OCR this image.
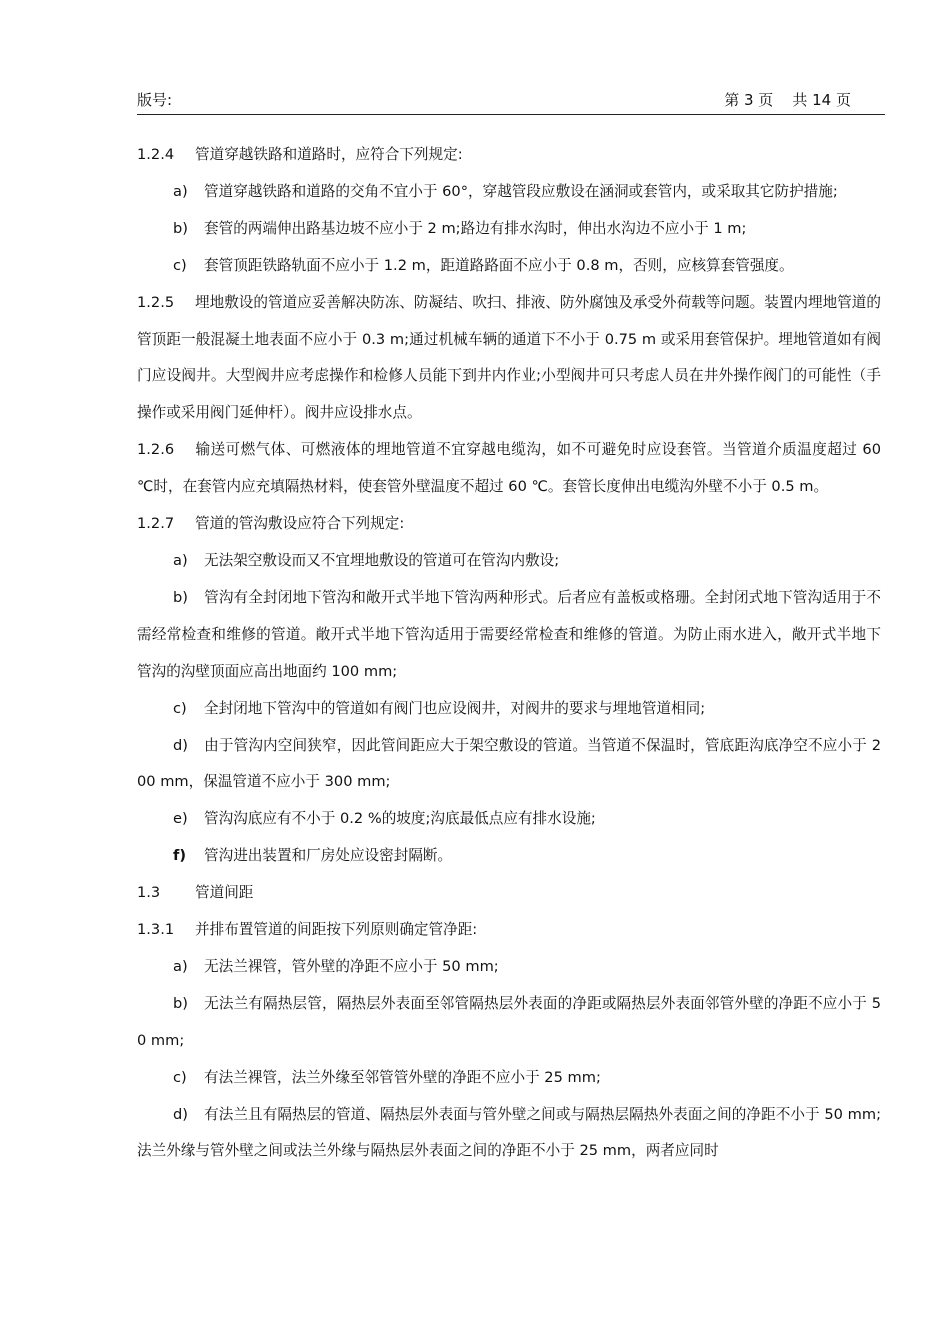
版号:	第 3 页    共 14 页

1.2.4 管道穿越铁路和道路时，应符合下列规定:

a) 管道穿越铁路和道路的交角不宜小于 60°，穿越管段应敷设在涵洞或套管内，或采取其它防护措施;

b) 套管的两端伸出路基边坡不应小于 2 m;路边有排水沟时，伸出水沟边不应小于 1 m;

c) 套管顶距铁路轨面不应小于 1.2 m，距道路路面不应小于 0.8 m，否则，应核算套管强度。

1.2.5 埋地敷设的管道应妥善解决防冻、防凝结、吹扫、排液、防外腐蚀及承受外荷载等问题。装置内埋地管道的管顶距一般混凝土地表面不应小于 0.3 m;通过机械车辆的通道下不小于 0.75 m 或采用套管保护。埋地管道如有阀门应设阀井。大型阀井应考虑操作和检修人员能下到井内作业;小型阀井可只考虑人员在井外操作阀门的可能性（手操作或采用阀门延伸杆）。阀井应设排水点。

1.2.6 输送可燃气体、可燃液体的埋地管道不宜穿越电缆沟，如不可避免时应设套管。当管道介质温度超过 60 ℃时，在套管内应充填隔热材料，使套管外壁温度不超过 60 ℃。套管长度伸出电缆沟外壁不小于 0.5 m。

1.2.7 管道的管沟敷设应符合下列规定:

a) 无法架空敷设而又不宜埋地敷设的管道可在管沟内敷设;

b) 管沟有全封闭地下管沟和敞开式半地下管沟两种形式。后者应有盖板或格珊。全封闭式地下管沟适用于不需经常检查和维修的管道。敞开式半地下管沟适用于需要经常检查和维修的管道。为防止雨水进入，敞开式半地下管沟的沟壁顶面应高出地面约 100 mm;

c) 全封闭地下管沟中的管道如有阀门也应设阀井，对阀井的要求与埋地管道相同;

d) 由于管沟内空间狭窄，因此管间距应大于架空敷设的管道。当管道不保温时，管底距沟底净空不应小于 200 mm，保温管道不应小于 300 mm;

e) 管沟沟底应有不小于 0.2 %的坡度;沟底最低点应有排水设施;

f) 管沟进出装置和厂房处应设密封隔断。

1.3 管道间距

1.3.1 并排布置管道的间距按下列原则确定管净距:

a) 无法兰裸管，管外壁的净距不应小于 50 mm;

b) 无法兰有隔热层管，隔热层外表面至邻管隔热层外表面的净距或隔热层外表面邻管外壁的净距不应小于 50 mm;

c) 有法兰裸管，法兰外缘至邻管管外壁的净距不应小于 25 mm;

d) 有法兰且有隔热层的管道、隔热层外表面与管外壁之间或与隔热层隔热外表面之间的净距不小于 50 mm;法兰外缘与管外壁之间或法兰外缘与隔热层外表面之间的净距不小于 25 mm，两者应同时
